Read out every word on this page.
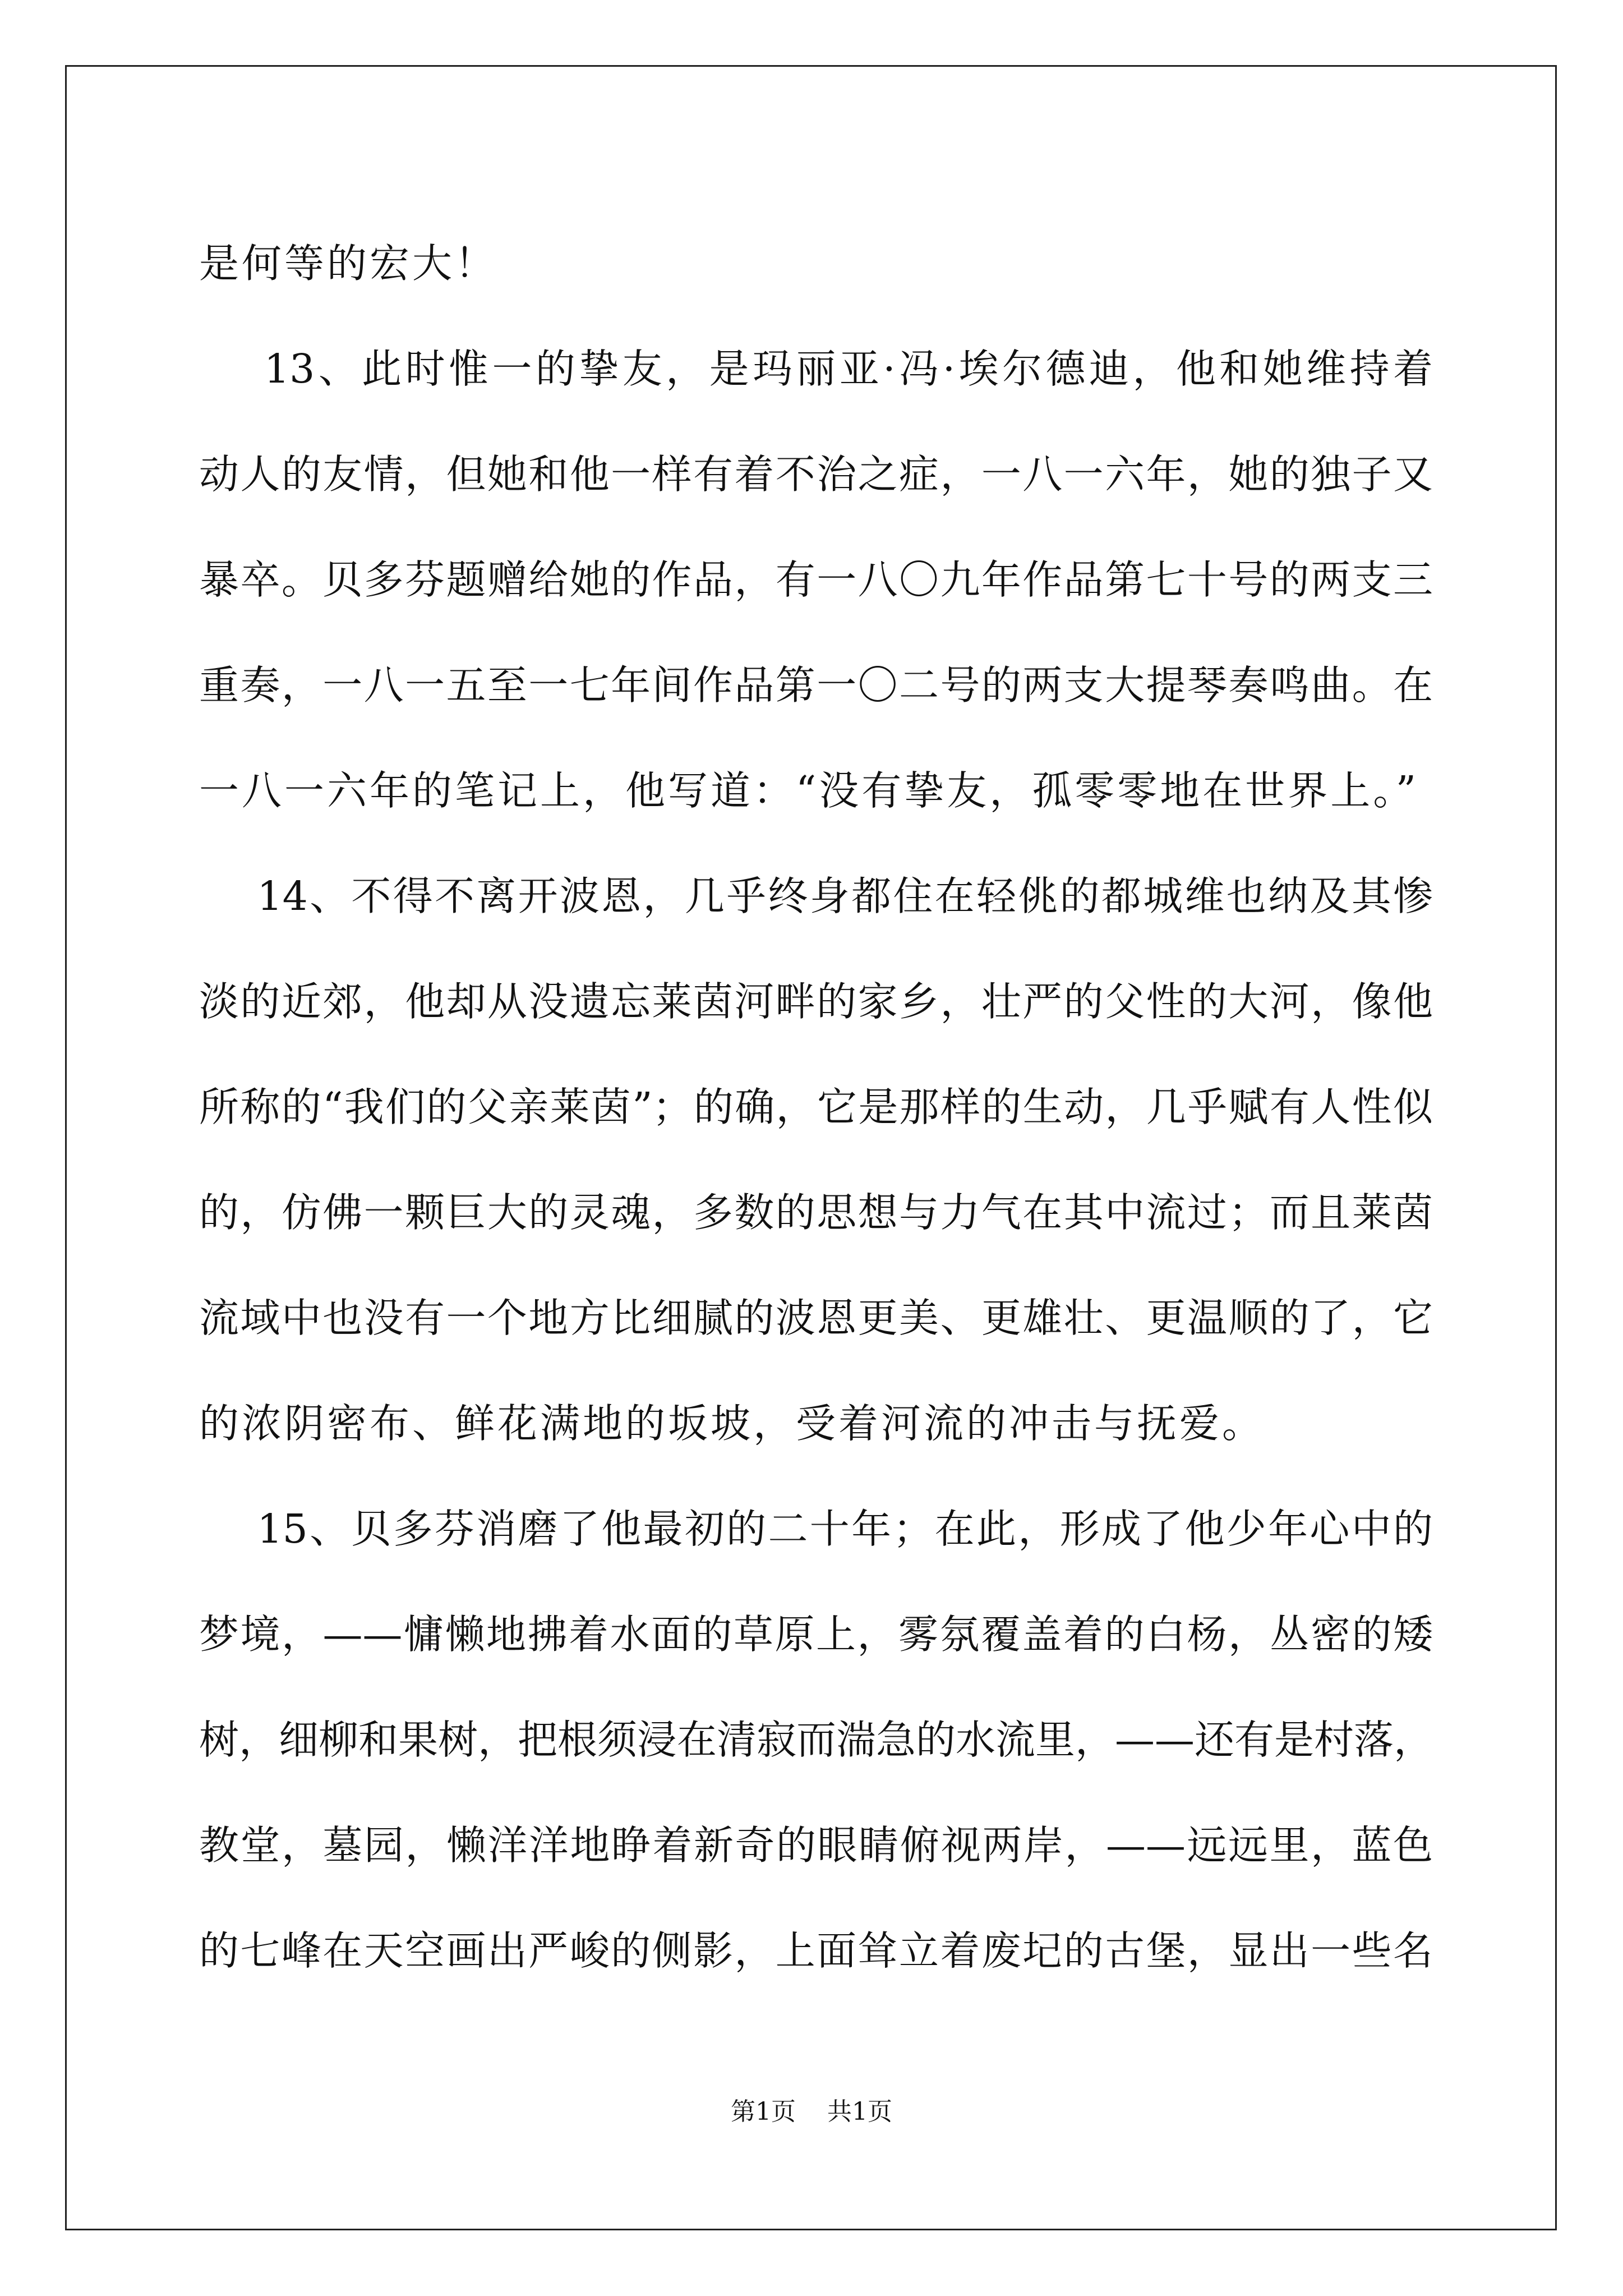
是何等的宏大！
13、此时惟一的挚友，是玛丽亚·冯·埃尔德迪，他和她维持着
动人的友情，但她和他一样有着不治之症，一八一六年，她的独子又
暴卒。贝多芬题赠给她的作品，有一八〇九年作品第七十号的两支三
重奏，一八一五至一七年间作品第一〇二号的两支大提琴奏鸣曲。在
一八一六年的笔记上，他写道：“没有挚友，孤零零地在世界上。”
14、不得不离开波恩，几乎终身都住在轻佻的都城维也纳及其惨
淡的近郊，他却从没遗忘莱茵河畔的家乡，壮严的父性的大河，像他
所称的“我们的父亲莱茵”；的确，它是那样的生动，几乎赋有人性似
的，仿佛一颗巨大的灵魂，多数的思想与力气在其中流过；而且莱茵
流域中也没有一个地方比细腻的波恩更美、更雄壮、更温顺的了，它
的浓阴密布、鲜花满地的坂坡，受着河流的冲击与抚爱。
15、贝多芬消磨了他最初的二十年；在此，形成了他少年心中的
梦境，——慵懒地拂着水面的草原上，雾氛覆盖着的白杨，丛密的矮
树，细柳和果树，把根须浸在清寂而湍急的水流里，——还有是村落，
教堂，墓园，懒洋洋地睁着新奇的眼睛俯视两岸，——远远里，蓝色
的七峰在天空画出严峻的侧影，上面耸立着废圮的古堡，显出一些名
第1页    共1页
